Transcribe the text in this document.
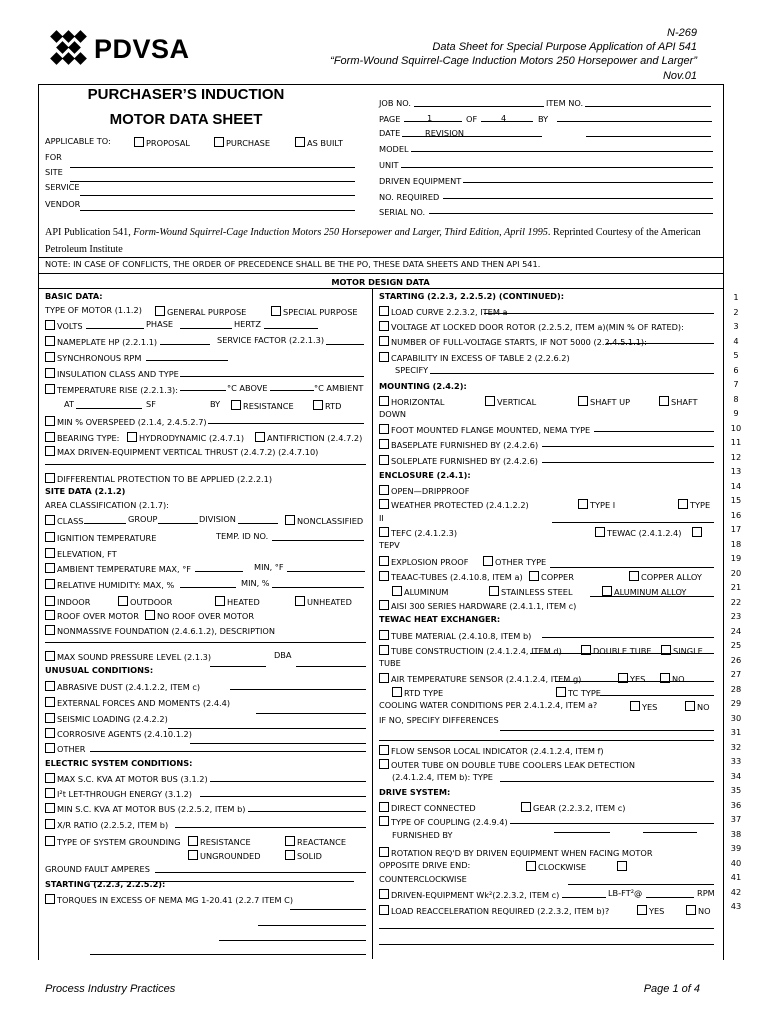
PDVSA
N-269
Data Sheet for Special Purpose Application of API 541
“Form-Wound Squirrel-Cage Induction Motors 250 Horsepower and Larger”
Nov.01
PURCHASER’S INDUCTION
MOTOR DATA SHEET
APPLICABLE TO:	PROPOSAL	PURCHASE	AS BUILT
FOR
SITE
SERVICE
VENDOR
JOB NO.	ITEM NO.
PAGE	1	OF	4	BY
DATE	REVISION
MODEL
UNIT
DRIVEN EQUIPMENT
NO. REQUIRED
SERIAL NO.
API Publication 541, Form-Wound Squirrel-Cage Induction Motors 250 Horsepower and Larger, Third Edition, April 1995. Reprinted Courtesy of the American
Petroleum Institute
NOTE: IN CASE OF CONFLICTS, THE ORDER OF PRECEDENCE SHALL BE THE PO, THESE DATA SHEETS AND THEN API 541.
MOTOR DESIGN DATA
BASIC DATA:
TYPE OF MOTOR (1.1.2)	GENERAL PURPOSE	SPECIAL PURPOSE
VOLTS	PHASE	HERTZ
NAMEPLATE HP (2.2.1.1)	SERVICE FACTOR (2.2.1.3)
SYNCHRONOUS RPM
INSULATION CLASS AND TYPE
TEMPERATURE RISE (2.2.1.3):	°C ABOVE	°C AMBIENT
AT	SF	BY	RESISTANCE	RTD
MIN % OVERSPEED (2.1.4, 2.4.5.2.7)
BEARING TYPE:	HYDRODYNAMIC (2.4.7.1)	ANTIFRICTION (2.4.7.2)
MAX DRIVEN-EQUIPMENT VERTICAL THRUST (2.4.7.2) (2.4.7.10)
DIFFERENTIAL PROTECTION TO BE APPLIED (2.2.2.1)
SITE DATA (2.1.2)
AREA CLASSIFICATION (2.1.7):
CLASS	GROUP	DIVISION	NONCLASSIFIED
IGNITION TEMPERATURE	TEMP. ID NO.
ELEVATION, FT
AMBIENT TEMPERATURE MAX, °F	MIN, °F
RELATIVE HUMIDITY: MAX, %	MIN, %
INDOOR	OUTDOOR	HEATED	UNHEATED
ROOF OVER MOTOR	NO ROOF OVER MOTOR
NONMASSIVE FOUNDATION (2.4.6.1.2), DESCRIPTION
MAX SOUND PRESSURE LEVEL (2.1.3)	DBA
UNUSUAL CONDITIONS:
ABRASIVE DUST (2.4.1.2.2, ITEM c)
EXTERNAL FORCES AND MOMENTS (2.4.4)
SEISMIC LOADING (2.4.2.2)
CORROSIVE AGENTS (2.4.10.1.2)
OTHER
ELECTRIC SYSTEM CONDITIONS:
MAX S.C. KVA AT MOTOR BUS (3.1.2)
I²t LET-THROUGH ENERGY (3.1.2)
MIN S.C. KVA AT MOTOR BUS (2.2.5.2, ITEM b)
X/R RATIO (2.2.5.2, ITEM b)
TYPE OF SYSTEM GROUNDING	RESISTANCE	REACTANCE
UNGROUNDED	SOLID
GROUND FAULT AMPERES
STARTING (2.2.3, 2.2.5.2):
TORQUES IN EXCESS OF NEMA MG 1-20.41 (2.2.7 ITEM C)
STARTING (2.2.3, 2.2.5.2) (CONTINUED):
LOAD CURVE 2.2.3.2, ITEM a
VOLTAGE AT LOCKED DOOR ROTOR (2.2.5.2, ITEM a)(MIN % OF RATED):
NUMBER OF FULL-VOLTAGE STARTS, IF NOT 5000 (2.2.4.5.1.1):
CAPABILITY IN EXCESS OF TABLE 2 (2.2.6.2)
SPECIFY
MOUNTING (2.4.2):
HORIZONTAL	VERTICAL	SHAFT UP	SHAFT
DOWN
FOOT MOUNTED FLANGE MOUNTED, NEMA TYPE
BASEPLATE FURNISHED BY (2.4.2.6)
SOLEPLATE FURNISHED BY (2.4.2.6)
ENCLOSURE (2.4.1):
OPEN—DRIPPROOF
WEATHER PROTECTED (2.4.1.2.2)	TYPE I	TYPE
II
TEFC (2.4.1.2.3)	TEWAC (2.4.1.2.4)
TEPV
EXPLOSION PROOF	OTHER TYPE
TEAAC-TUBES (2.4.10.8, ITEM a)	COPPER	COPPER ALLOY
ALUMINUM	STAINLESS STEEL	ALUMINUM ALLOY
AISI 300 SERIES HARDWARE (2.4.1.1, ITEM c)
TEWAC HEAT EXCHANGER:
TUBE MATERIAL (2.4.10.8, ITEM b)
TUBE CONSTRUCTIOIN (2.4.1.2.4, ITEM d)	DOUBLE TUBE	SINGLE
TUBE
AIR TEMPERATURE SENSOR (2.4.1.2.4, ITEM g)	YES	NO
RTD TYPE	TC TYPE
COOLING WATER CONDITIONS PER 2.4.1.2.4, ITEM a?	YES	NO
IF NO, SPECIFY DIFFERENCES
FLOW SENSOR LOCAL INDICATOR (2.4.1.2.4, ITEM f)
OUTER TUBE ON DOUBLE TUBE COOLERS LEAK DETECTION
(2.4.1.2.4, ITEM b): TYPE
DRIVE SYSTEM:
DIRECT CONNECTED	GEAR (2.2.3.2, ITEM c)
TYPE OF COUPLING (2.4.9.4)
FURNISHED BY
ROTATION REQ'D BY DRIVEN EQUIPMENT WHEN FACING MOTOR
OPPOSITE DRIVE END:	CLOCKWISE
COUNTERCLOCKWISE
DRIVEN-EQUIPMENT Wk²(2.2.3.2, ITEM c)	LB-FT²@	RPM
LOAD REACCELERATION REQUIRED (2.2.3.2, ITEM b)?	YES	NO
1
2
3
4
5
6
7
8
9
10
11
12
13
14
15
16
17
18
19
20
21
22
23
24
25
26
27
28
29
30
31
32
33
34
35
36
37
38
39
40
41
42
43
Process Industry Practices	Page 1 of 4
